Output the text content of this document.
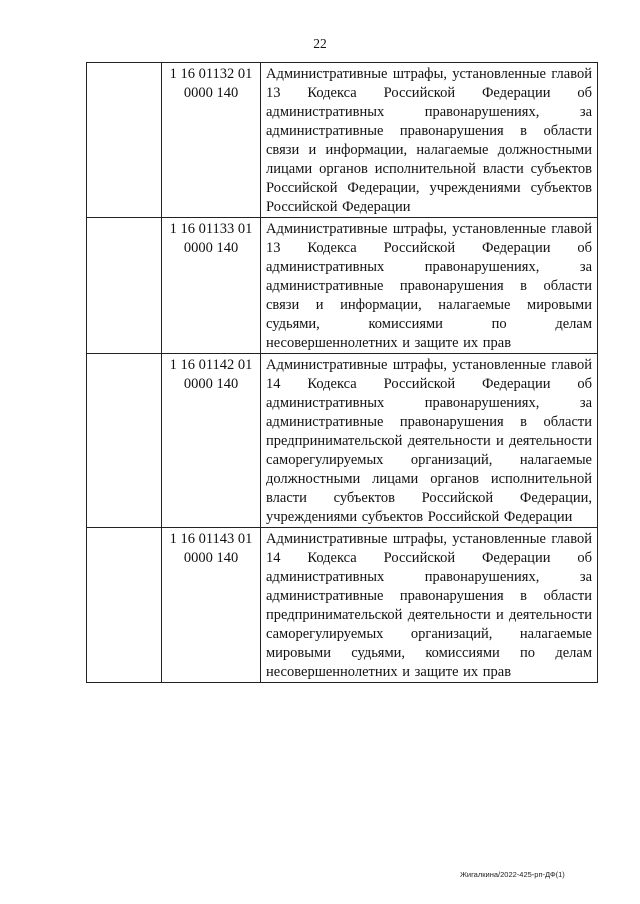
22

	1 16 01132 01
0000 140	Административные штрафы, установленные главой 13 Кодекса Российской Федерации об административных правонарушениях, за административные правонарушения в области связи и информации, налагаемые должностными лицами органов исполнительной власти субъектов Российской Федерации, учреждениями субъектов Российской Федерации

	1 16 01133 01
0000 140	Административные штрафы, установленные главой 13 Кодекса Российской Федерации об административных правонарушениях, за административные правонарушения в области связи и информации, налагаемые мировыми судьями, комиссиями по делам несовершеннолетних и защите их прав

	1 16 01142 01
0000 140	Административные штрафы, установленные главой 14 Кодекса Российской Федерации об административных правонарушениях, за административные правонарушения в области предпринимательской деятельности и деятельности саморегулируемых организаций, налагаемые должностными лицами органов исполнительной власти субъектов Российской Федерации, учреждениями субъектов Российской Федерации

	1 16 01143 01
0000 140	Административные штрафы, установленные главой 14 Кодекса Российской Федерации об административных правонарушениях, за административные правонарушения в области предпринимательской деятельности и деятельности саморегулируемых организаций, налагаемые мировыми судьями, комиссиями по делам несовершеннолетних и защите их прав
Жигалкина/2022-425-рп-ДФ(1)
